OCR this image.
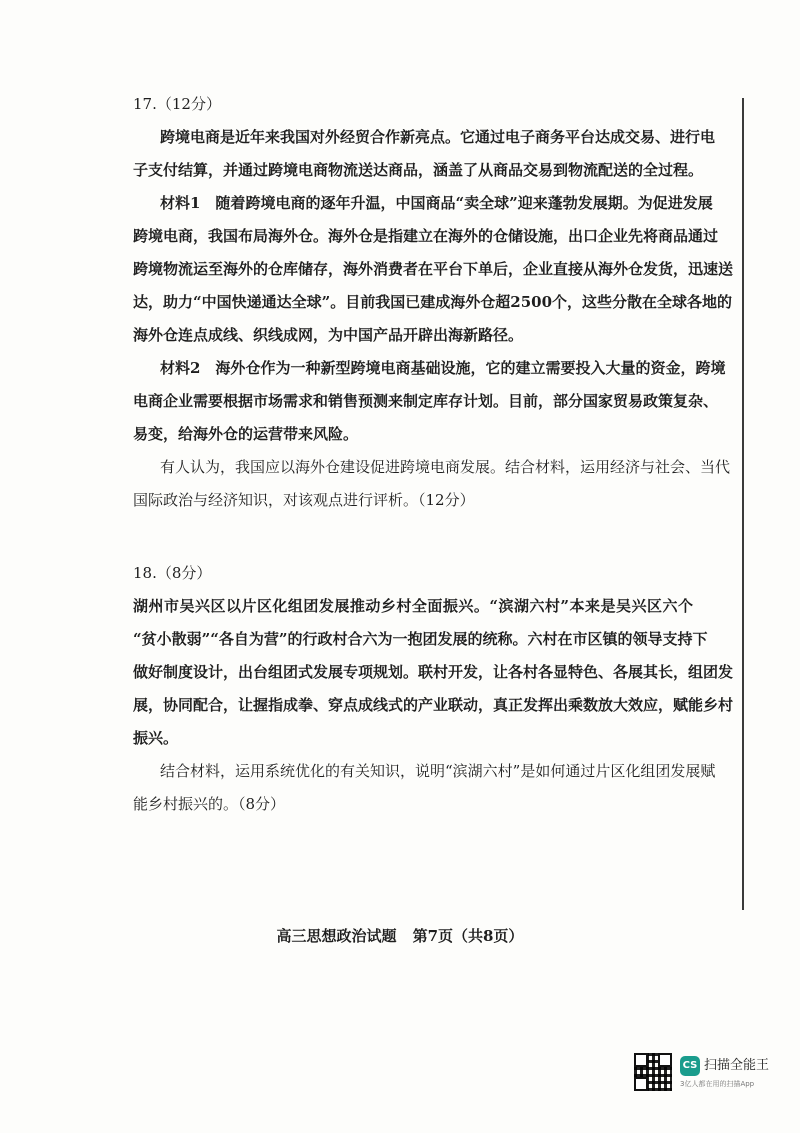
17.（12分）
跨境电商是近年来我国对外经贸合作新亮点。它通过电子商务平台达成交易、进行电
子支付结算，并通过跨境电商物流送达商品，涵盖了从商品交易到物流配送的全过程。
材料1　随着跨境电商的逐年升温，中国商品“卖全球”迎来蓬勃发展期。为促进发展
跨境电商，我国布局海外仓。海外仓是指建立在海外的仓储设施，出口企业先将商品通过
跨境物流运至海外的仓库储存，海外消费者在平台下单后，企业直接从海外仓发货，迅速送
达，助力“中国快递通达全球”。目前我国已建成海外仓超2500个，这些分散在全球各地的
海外仓连点成线、织线成网，为中国产品开辟出海新路径。
材料2　海外仓作为一种新型跨境电商基础设施，它的建立需要投入大量的资金，跨境
电商企业需要根据市场需求和销售预测来制定库存计划。目前，部分国家贸易政策复杂、
易变，给海外仓的运营带来风险。
有人认为，我国应以海外仓建设促进跨境电商发展。结合材料，运用经济与社会、当代
国际政治与经济知识，对该观点进行评析。（12分）
18.（8分）
湖州市吴兴区以片区化组团发展推动乡村全面振兴。“滨湖六村”本来是吴兴区六个
“贫小散弱”“各自为营”的行政村合六为一抱团发展的统称。六村在市区镇的领导支持下
做好制度设计，出台组团式发展专项规划。联村开发，让各村各显特色、各展其长，组团发
展，协同配合，让握指成拳、穿点成线式的产业联动，真正发挥出乘数放大效应，赋能乡村
振兴。
结合材料，运用系统优化的有关知识，说明“滨湖六村”是如何通过片区化组团发展赋
能乡村振兴的。（8分）
高三思想政治试题 第7页（共8页）
CS 扫描全能王
3亿人都在用的扫描App
